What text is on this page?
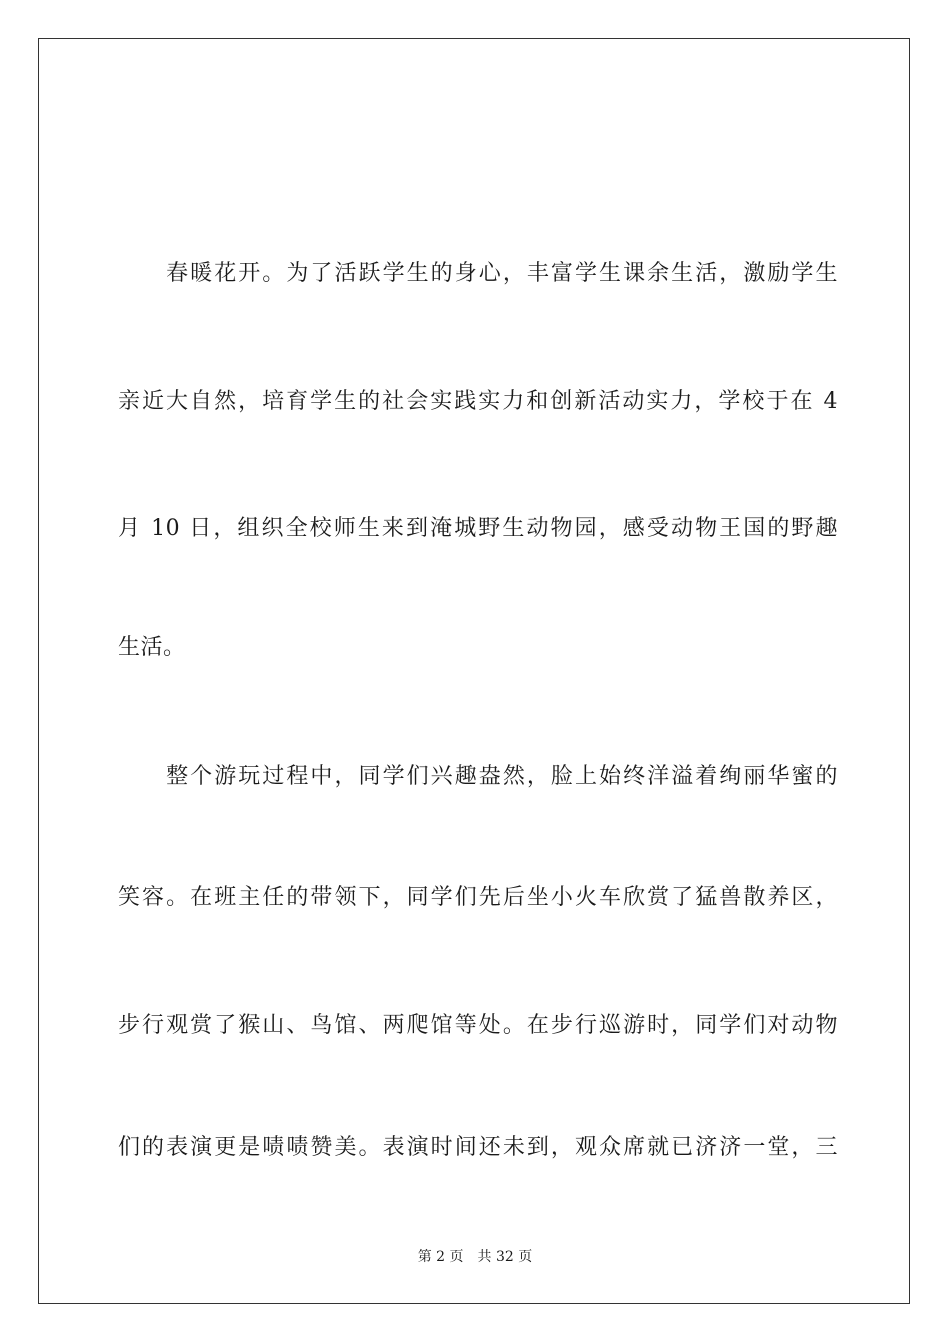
　　春暖花开。为了活跃学生的身心，丰富学生课余生活，激励学生
亲近大自然，培育学生的社会实践实力和创新活动实力，学校于在 4
月 10 日，组织全校师生来到淹城野生动物园，感受动物王国的野趣
生活。
　　整个游玩过程中，同学们兴趣盎然，脸上始终洋溢着绚丽华蜜的
笑容。在班主任的带领下，同学们先后坐小火车欣赏了猛兽散养区，
步行观赏了猴山、鸟馆、两爬馆等处。在步行巡游时，同学们对动物
们的表演更是啧啧赞美。表演时间还未到，观众席就已济济一堂，三
第 2 页 共 32 页
